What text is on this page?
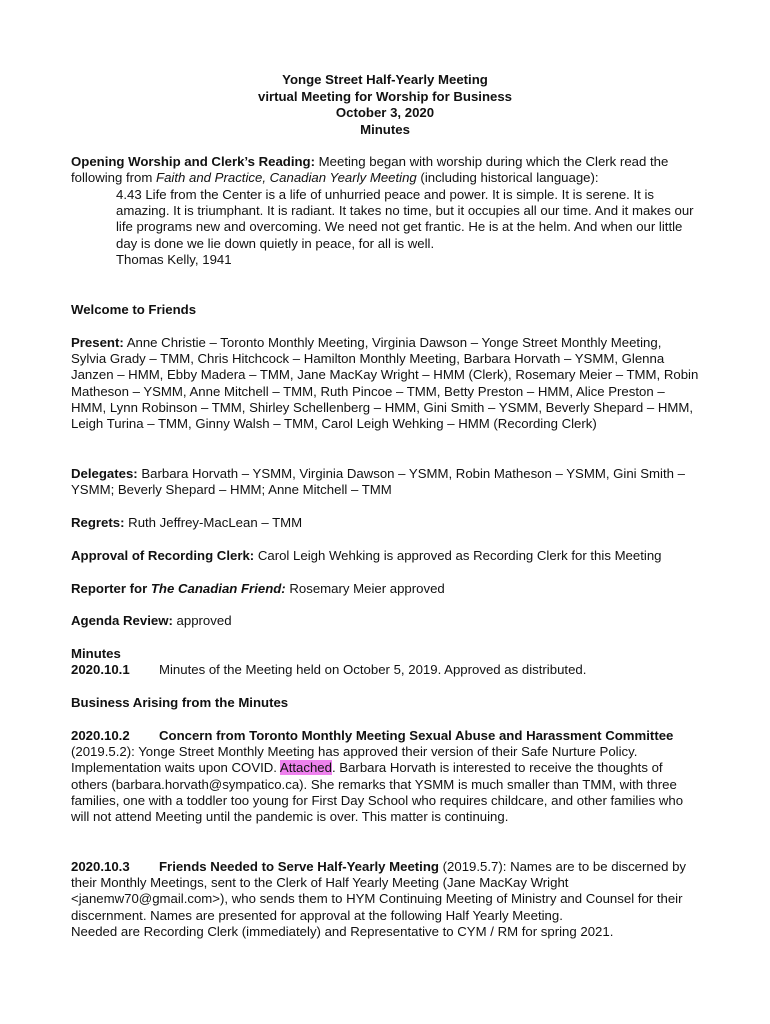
Yonge Street Half-Yearly Meeting
virtual Meeting for Worship for Business
October 3, 2020
Minutes
Opening Worship and Clerk’s Reading: Meeting began with worship during which the Clerk read the following from Faith and Practice, Canadian Yearly Meeting (including historical language):
4.43 Life from the Center is a life of unhurried peace and power. It is simple. It is serene. It is amazing. It is triumphant. It is radiant. It takes no time, but it occupies all our time. And it makes our life programs new and overcoming. We need not get frantic. He is at the helm. And when our little day is done we lie down quietly in peace, for all is well.
Thomas Kelly, 1941
Welcome to Friends
Present: Anne Christie – Toronto Monthly Meeting, Virginia Dawson – Yonge Street Monthly Meeting, Sylvia Grady – TMM, Chris Hitchcock – Hamilton Monthly Meeting, Barbara Horvath – YSMM, Glenna Janzen – HMM, Ebby Madera – TMM, Jane MacKay Wright – HMM (Clerk), Rosemary Meier – TMM, Robin Matheson – YSMM, Anne Mitchell – TMM, Ruth Pincoe – TMM, Betty Preston – HMM, Alice Preston – HMM, Lynn Robinson – TMM, Shirley Schellenberg – HMM, Gini Smith – YSMM, Beverly Shepard – HMM, Leigh Turina – TMM, Ginny Walsh – TMM, Carol Leigh Wehking – HMM (Recording Clerk)
Delegates: Barbara Horvath – YSMM, Virginia Dawson – YSMM, Robin Matheson – YSMM, Gini Smith – YSMM; Beverly Shepard – HMM; Anne Mitchell – TMM
Regrets: Ruth Jeffrey-MacLean – TMM
Approval of Recording Clerk: Carol Leigh Wehking is approved as Recording Clerk for this Meeting
Reporter for The Canadian Friend: Rosemary Meier approved
Agenda Review: approved
Minutes
2020.10.1 Minutes of the Meeting held on October 5, 2019. Approved as distributed.
Business Arising from the Minutes
2020.10.2 Concern from Toronto Monthly Meeting Sexual Abuse and Harassment Committee (2019.5.2): Yonge Street Monthly Meeting has approved their version of their Safe Nurture Policy. Implementation waits upon COVID. Attached. Barbara Horvath is interested to receive the thoughts of others (barbara.horvath@sympatico.ca). She remarks that YSMM is much smaller than TMM, with three families, one with a toddler too young for First Day School who requires childcare, and other families who will not attend Meeting until the pandemic is over. This matter is continuing.
2020.10.3 Friends Needed to Serve Half-Yearly Meeting (2019.5.7): Names are to be discerned by their Monthly Meetings, sent to the Clerk of Half Yearly Meeting (Jane MacKay Wright <janemw70@gmail.com>), who sends them to HYM Continuing Meeting of Ministry and Counsel for their discernment. Names are presented for approval at the following Half Yearly Meeting.
Needed are Recording Clerk (immediately) and Representative to CYM / RM for spring 2021.
